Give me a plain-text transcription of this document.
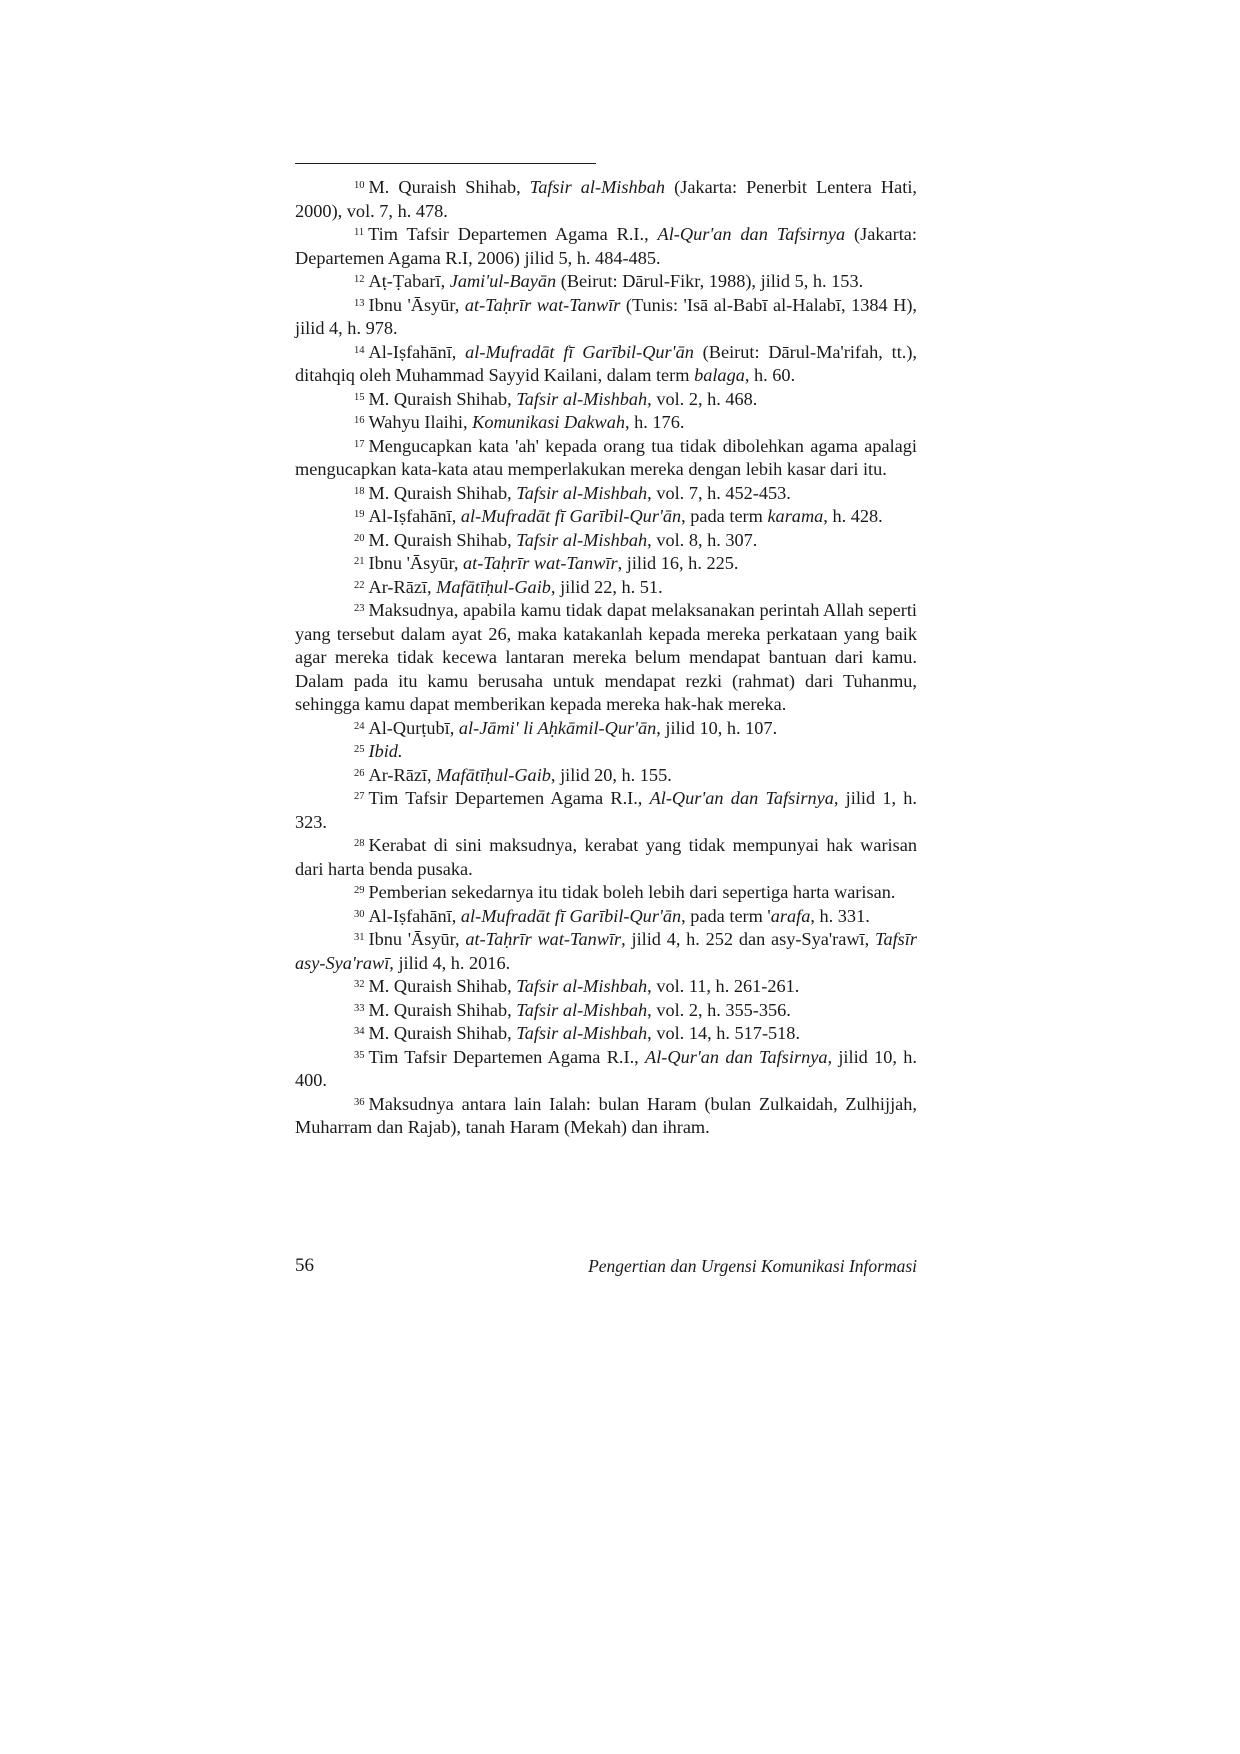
$^{10}$ M. Quraish Shihab, Tafsir al-Mishbah (Jakarta: Penerbit Lentera Hati, 2000), vol. 7, h. 478.

$^{11}$ Tim Tafsir Departemen Agama R.I., Al-Qur'an dan Tafsirnya (Jakarta: Departemen Agama R.I, 2006) jilid 5, h. 484-485.

$^{12}$ Aṭ-Ṭabarī, Jami'ul-Bayān (Beirut: Dārul-Fikr, 1988), jilid 5, h. 153.

$^{13}$ Ibnu 'Āsyūr, at-Taḥrīr wat-Tanwīr (Tunis: 'Isā al-Babī al-Halabī, 1384 H), jilid 4, h. 978.

$^{14}$ Al-Iṣfahānī, al-Mufradāt fī Garībil-Qur'ān (Beirut: Dārul-Ma'rifah, tt.), ditahqiq oleh Muhammad Sayyid Kailani, dalam term balaga, h. 60.

$^{15}$ M. Quraish Shihab, Tafsir al-Mishbah, vol. 2, h. 468.

$^{16}$ Wahyu Ilaihi, Komunikasi Dakwah, h. 176.

$^{17}$ Mengucapkan kata 'ah' kepada orang tua tidak dibolehkan agama apalagi mengucapkan kata-kata atau memperlakukan mereka dengan lebih kasar dari itu.

$^{18}$ M. Quraish Shihab, Tafsir al-Mishbah, vol. 7, h. 452-453.

$^{19}$ Al-Iṣfahānī, al-Mufradāt fī Garībil-Qur'ān, pada term karama, h. 428.

$^{20}$ M. Quraish Shihab, Tafsir al-Mishbah, vol. 8, h. 307.

$^{21}$ Ibnu 'Āsyūr, at-Taḥrīr wat-Tanwīr, jilid 16, h. 225.

$^{22}$ Ar-Rāzī, Mafātīḥul-Gaib, jilid 22, h. 51.

$^{23}$ Maksudnya, apabila kamu tidak dapat melaksanakan perintah Allah seperti yang tersebut dalam ayat 26, maka katakanlah kepada mereka perkataan yang baik agar mereka tidak kecewa lantaran mereka belum mendapat bantuan dari kamu. Dalam pada itu kamu berusaha untuk mendapat rezki (rahmat) dari Tuhanmu, sehingga kamu dapat memberikan kepada mereka hak-hak mereka.

$^{24}$ Al-Qurṭubī, al-Jāmi' li Aḥkāmil-Qur'ān, jilid 10, h. 107.

$^{25}$ Ibid.

$^{26}$ Ar-Rāzī, Mafātīḥul-Gaib, jilid 20, h. 155.

$^{27}$ Tim Tafsir Departemen Agama R.I., Al-Qur'an dan Tafsirnya, jilid 1, h. 323.

$^{28}$ Kerabat di sini maksudnya, kerabat yang tidak mempunyai hak warisan dari harta benda pusaka.

$^{29}$ Pemberian sekedarnya itu tidak boleh lebih dari sepertiga harta warisan.

$^{30}$ Al-Iṣfahānī, al-Mufradāt fī Garībil-Qur'ān, pada term 'arafa, h. 331.

$^{31}$ Ibnu 'Āsyūr, at-Taḥrīr wat-Tanwīr, jilid 4, h. 252 dan asy-Sya'rawī, Tafsīr asy-Sya'rawī, jilid 4, h. 2016.

$^{32}$ M. Quraish Shihab, Tafsir al-Mishbah, vol. 11, h. 261-261.

$^{33}$ M. Quraish Shihab, Tafsir al-Mishbah, vol. 2, h. 355-356.

$^{34}$ M. Quraish Shihab, Tafsir al-Mishbah, vol. 14, h. 517-518.

$^{35}$ Tim Tafsir Departemen Agama R.I., Al-Qur'an dan Tafsirnya, jilid 10, h. 400.

$^{36}$ Maksudnya antara lain Ialah: bulan Haram (bulan Zulkaidah, Zulhijjah, Muharram dan Rajab), tanah Haram (Mekah) dan ihram.

56	Pengertian dan Urgensi Komunikasi Informasi
